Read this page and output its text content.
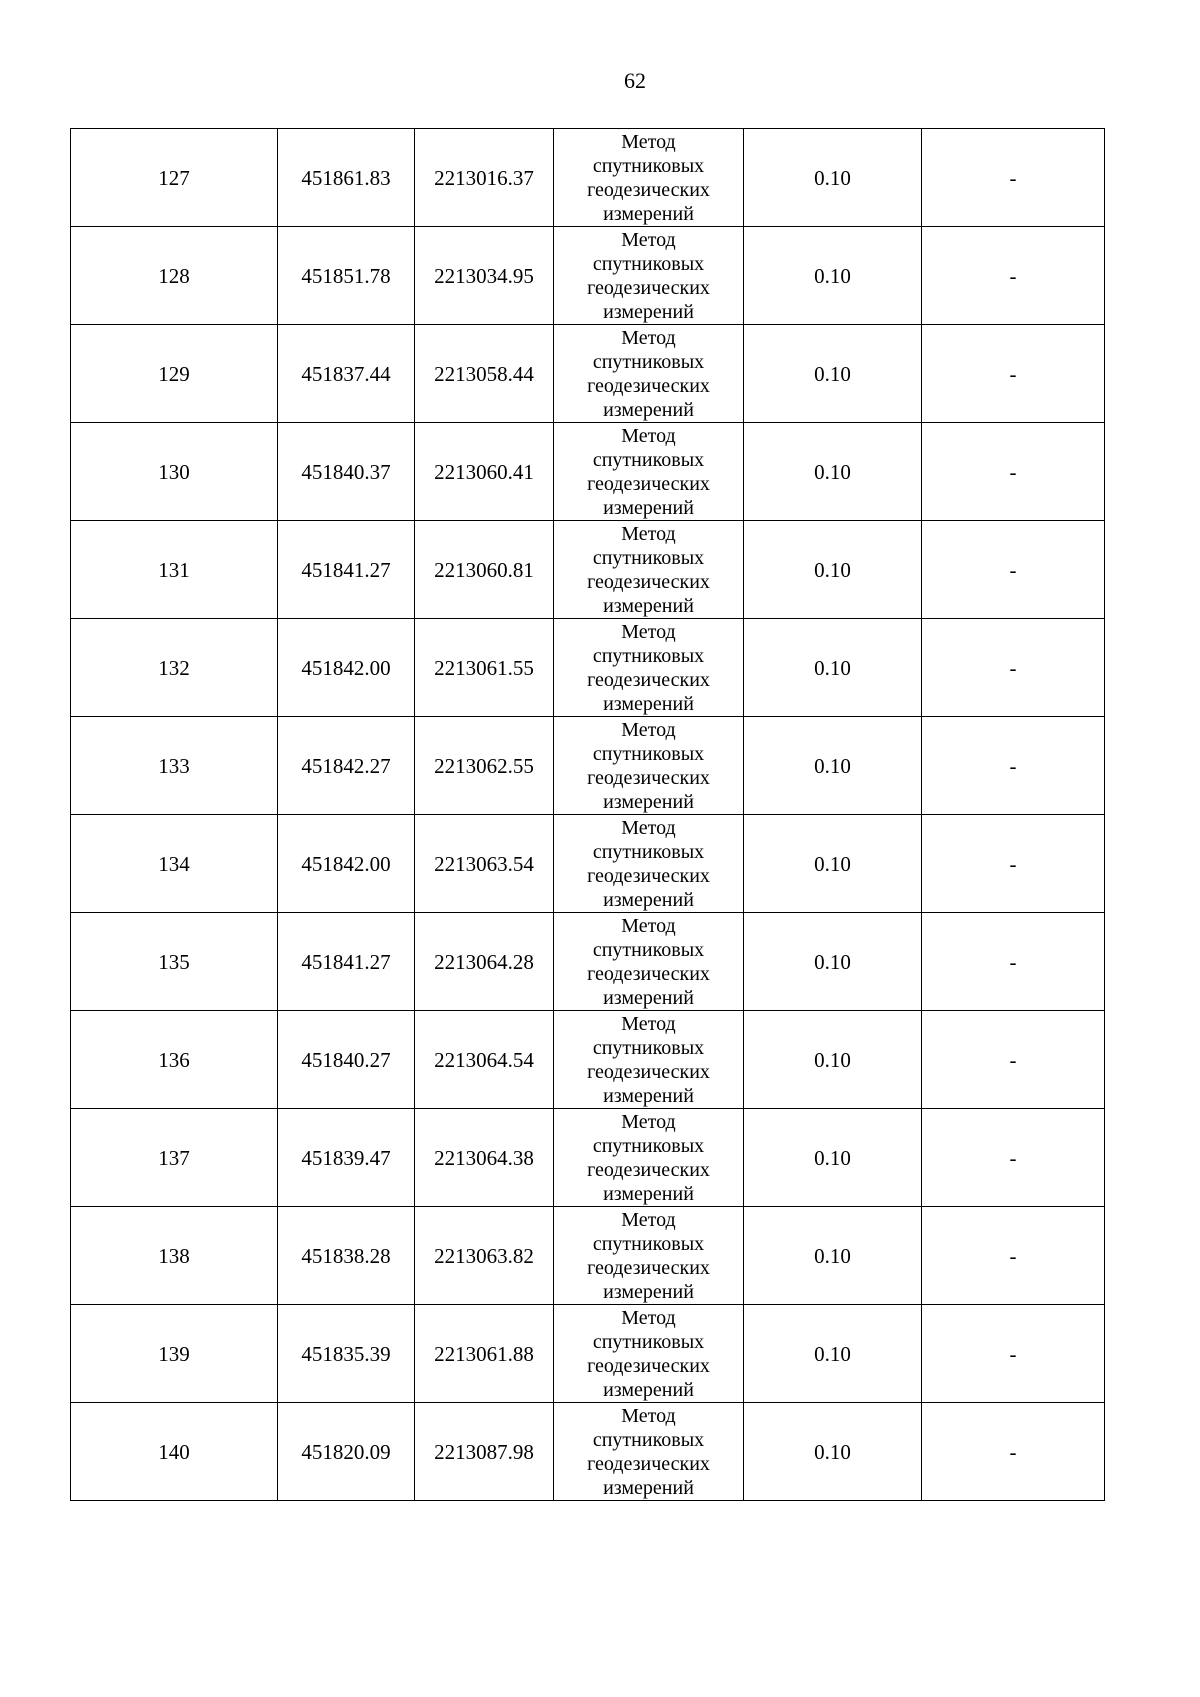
62
127	451861.83	2213016.37	Метод
спутниковых
геодезических
измерений	0.10	-
128	451851.78	2213034.95	Метод
спутниковых
геодезических
измерений	0.10	-
129	451837.44	2213058.44	Метод
спутниковых
геодезических
измерений	0.10	-
130	451840.37	2213060.41	Метод
спутниковых
геодезических
измерений	0.10	-
131	451841.27	2213060.81	Метод
спутниковых
геодезических
измерений	0.10	-
132	451842.00	2213061.55	Метод
спутниковых
геодезических
измерений	0.10	-
133	451842.27	2213062.55	Метод
спутниковых
геодезических
измерений	0.10	-
134	451842.00	2213063.54	Метод
спутниковых
геодезических
измерений	0.10	-
135	451841.27	2213064.28	Метод
спутниковых
геодезических
измерений	0.10	-
136	451840.27	2213064.54	Метод
спутниковых
геодезических
измерений	0.10	-
137	451839.47	2213064.38	Метод
спутниковых
геодезических
измерений	0.10	-
138	451838.28	2213063.82	Метод
спутниковых
геодезических
измерений	0.10	-
139	451835.39	2213061.88	Метод
спутниковых
геодезических
измерений	0.10	-
140	451820.09	2213087.98	Метод
спутниковых
геодезических
измерений	0.10	-
